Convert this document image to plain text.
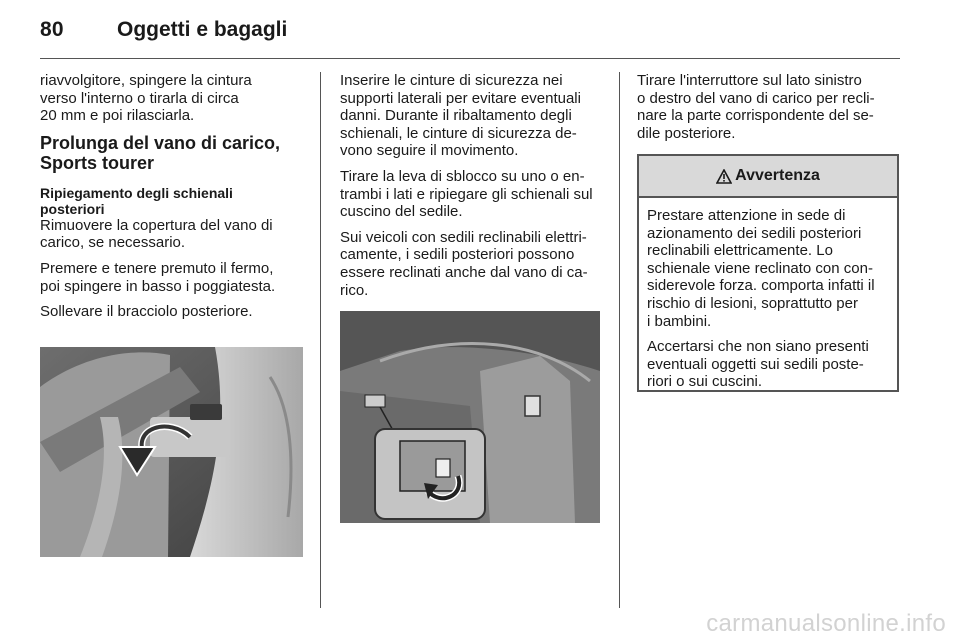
80	Oggetti e bagagli

riavvolgitore, spingere la cintura
verso l'interno o tirarla di circa
20 mm e poi rilasciarla.

Prolunga del vano di carico,
Sports tourer
Ripiegamento degli schienali
posteriori

Rimuovere la copertura del vano di
carico, se necessario.

Premere e tenere premuto il fermo,
poi spingere in basso i poggiatesta.

Sollevare il bracciolo posteriore.

Inserire le cinture di sicurezza nei
supporti laterali per evitare eventuali
danni. Durante il ribaltamento degli
schienali, le cinture di sicurezza de-
vono seguire il movimento.

Tirare la leva di sblocco su uno o en-
trambi i lati e ripiegare gli schienali sul
cuscino del sedile.

Sui veicoli con sedili reclinabili elettri-
camente, i sedili posteriori possono
essere reclinati anche dal vano di ca-
rico.

Tirare l'interruttore sul lato sinistro
o destro del vano di carico per recli-
nare la parte corrispondente del se-
dile posteriore.

Avvertenza

Prestare attenzione in sede di
azionamento dei sedili posteriori
reclinabili elettricamente. Lo
schienale viene reclinato con con-
siderevole forza. comporta infatti il
rischio di lesioni, soprattutto per
i bambini.

Accertarsi che non siano presenti
eventuali oggetti sui sedili poste-
riori o sui cuscini.

carmanualsonline.info
